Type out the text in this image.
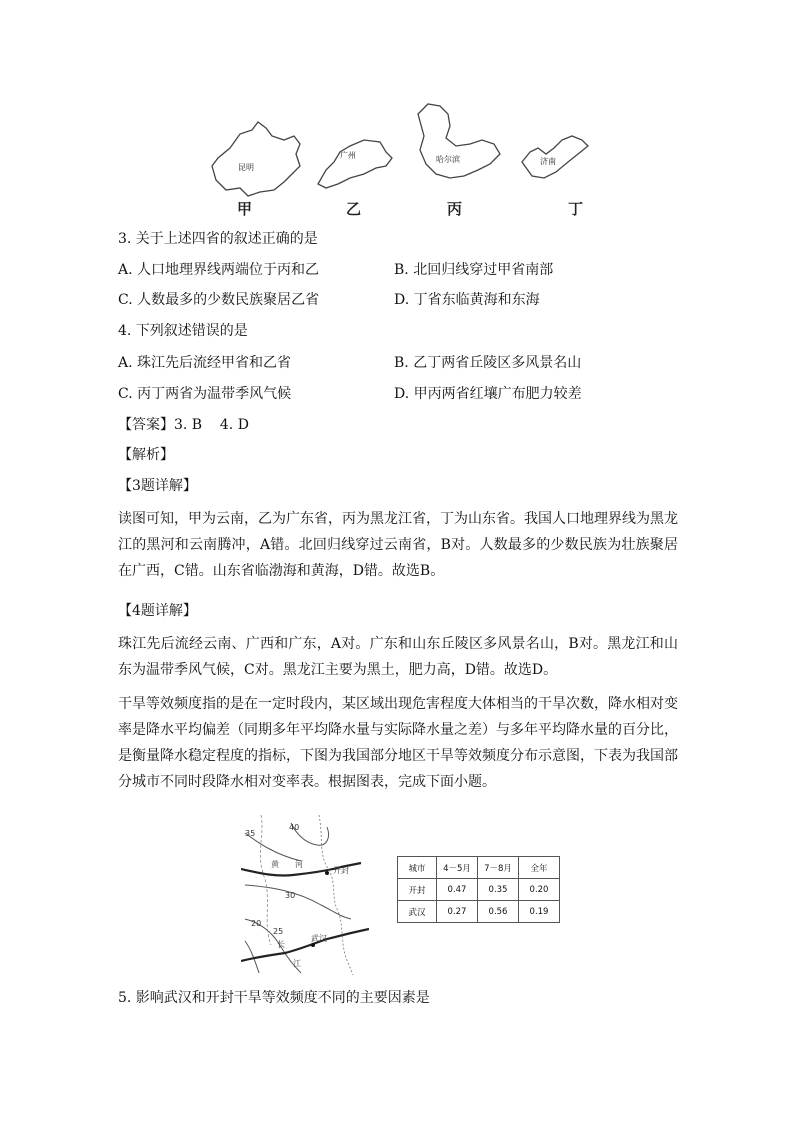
昆明
广州	哈尔滨	济南
甲	乙	丙	丁
3. 关于上述四省的叙述正确的是
A. 人口地理界线两端位于丙和乙	B. 北回归线穿过甲省南部
C. 人数最多的少数民族聚居乙省	D. 丁省东临黄海和东海
4. 下列叙述错误的是
A. 珠江先后流经甲省和乙省	B. 乙丁两省丘陵区多风景名山
C. 丙丁两省为温带季风气候	D. 甲丙两省红壤广布肥力较差
【答案】3. B    4. D
【解析】
【3题详解】
读图可知，甲为云南，乙为广东省，丙为黑龙江省，丁为山东省。我国人口地理界线为黑龙江的黑河和云南腾冲，A错。北回归线穿过云南省，B对。人数最多的少数民族为壮族聚居在广西，C错。山东省临渤海和黄海，D错。故选B。
【4题详解】
珠江先后流经云南、广西和广东，A对。广东和山东丘陵区多风景名山，B对。黑龙江和山东为温带季风气候，C对。黑龙江主要为黑土，肥力高，D错。故选D。
干旱等效频度指的是在一定时段内，某区域出现危害程度大体相当的干旱次数，降水相对变率是降水平均偏差（同期多年平均降水量与实际降水量之差）与多年平均降水量的百分比，是衡量降水稳定程度的指标，下图为我国部分地区干旱等效频度分布示意图，下表为我国部分城市不同时段降水相对变率表。根据图表，完成下面小题。
35
40
30
25
20
黄 河
长
江
开封
武汉
城市	4－5月	7－8月	全年
开封	0.47	0.35	0.20
武汉	0.27	0.56	0.19
5. 影响武汉和开封干旱等效频度不同的主要因素是
